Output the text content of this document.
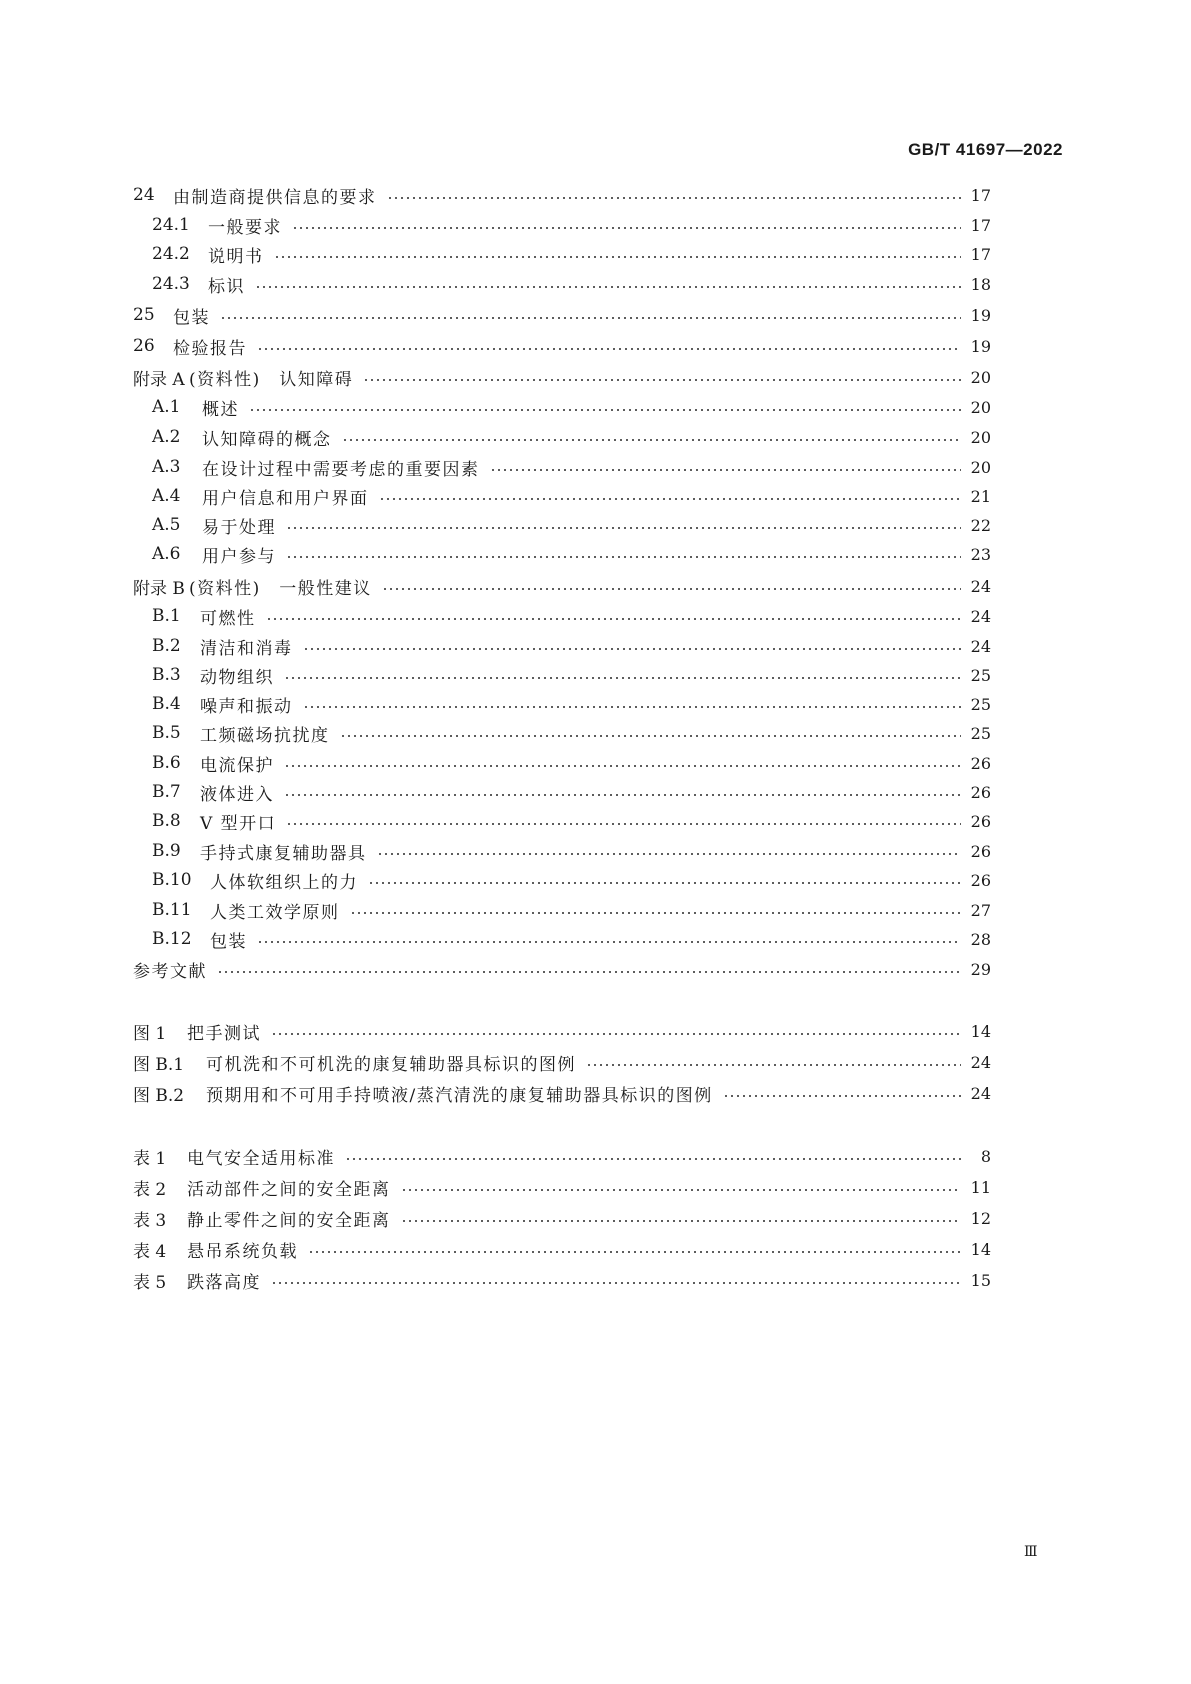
GB/T 41697—2022
24	由制造商提供信息的要求	17
24.1	一般要求	17
24.2	说明书	17
24.3	标识	18
25	包装	19
26	检验报告	19
附录 A (资料性)　认知障碍	20
A.1	概述	20
A.2	认知障碍的概念	20
A.3	在设计过程中需要考虑的重要因素	20
A.4	用户信息和用户界面	21
A.5	易于处理	22
A.6	用户参与	23
附录 B (资料性)　一般性建议	24
B.1	可燃性	24
B.2	清洁和消毒	24
B.3	动物组织	25
B.4	噪声和振动	25
B.5	工频磁场抗扰度	25
B.6	电流保护	26
B.7	液体进入	26
B.8	V 型开口	26
B.9	手持式康复辅助器具	26
B.10	人体软组织上的力	26
B.11	人类工效学原则	27
B.12	包装	28
参考文献	29
图 1	把手测试	14
图 B.1	可机洗和不可机洗的康复辅助器具标识的图例	24
图 B.2	预期用和不可用手持喷液/蒸汽清洗的康复辅助器具标识的图例	24
表 1	电气安全适用标准	8
表 2	活动部件之间的安全距离	11
表 3	静止零件之间的安全距离	12
表 4	悬吊系统负载	14
表 5	跌落高度	15
Ⅲ
